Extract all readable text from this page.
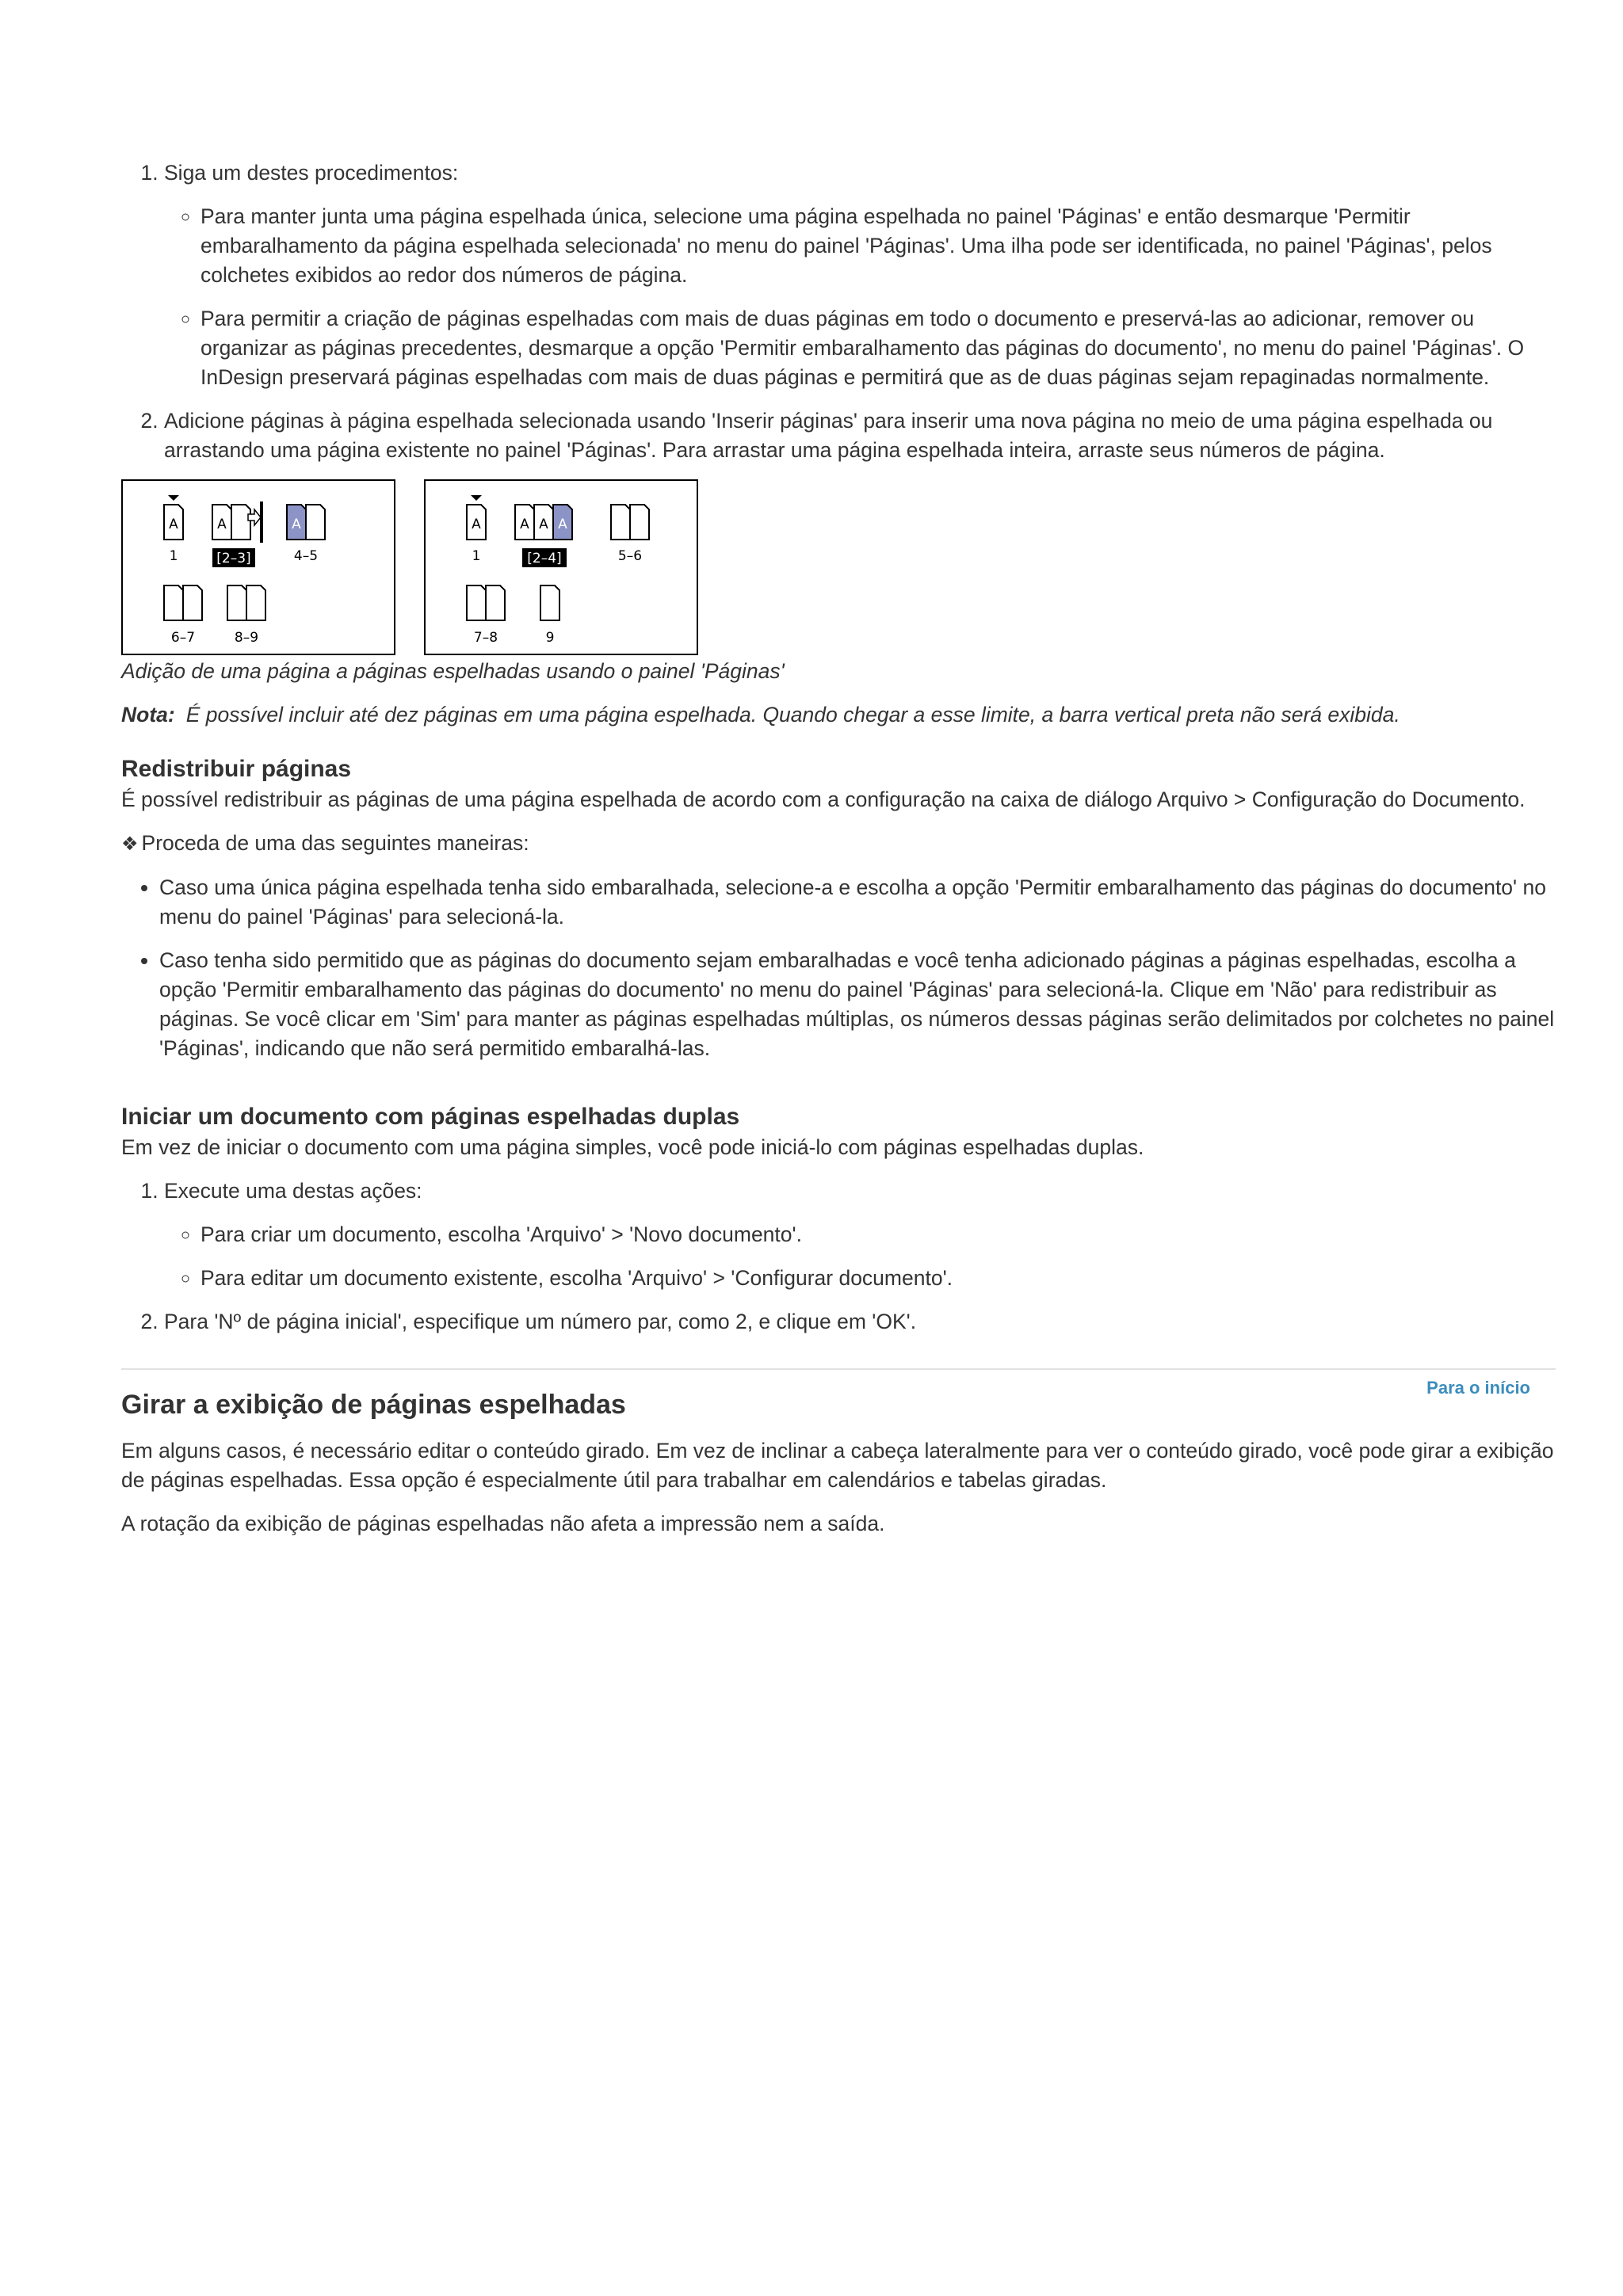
1. Siga um destes procedimentos:
◦ Para manter junta uma página espelhada única, selecione uma página espelhada no painel 'Páginas' e então desmarque 'Permitir embaralhamento da página espelhada selecionada' no menu do painel 'Páginas'. Uma ilha pode ser identificada, no painel 'Páginas', pelos colchetes exibidos ao redor dos números de página.
◦ Para permitir a criação de páginas espelhadas com mais de duas páginas em todo o documento e preservá-las ao adicionar, remover ou organizar as páginas precedentes, desmarque a opção 'Permitir embaralhamento das páginas do documento', no menu do painel 'Páginas'. O InDesign preservará páginas espelhadas com mais de duas páginas e permitirá que as de duas páginas sejam repaginadas normalmente.
2. Adicione páginas à página espelhada selecionada usando 'Inserir páginas' para inserir uma nova página no meio de uma página espelhada ou arrastando uma página existente no painel 'Páginas'. Para arrastar uma página espelhada inteira, arraste seus números de página.
A
1
A
[2–3]
A
4–5
6–7	8–9
A
1
A A A
[2–4]	5–6
7–8	9

Adição de uma página a páginas espelhadas usando o painel 'Páginas'

Nota: É possível incluir até dez páginas em uma página espelhada. Quando chegar a esse limite, a barra vertical preta não será exibida.

Redistribuir páginas

É possível redistribuir as páginas de uma página espelhada de acordo com a configuração na caixa de diálogo Arquivo > Configuração do Documento.

❖ Proceda de uma das seguintes maneiras:

• Caso uma única página espelhada tenha sido embaralhada, selecione-a e escolha a opção 'Permitir embaralhamento das páginas do documento' no menu do painel 'Páginas' para selecioná-la.
• Caso tenha sido permitido que as páginas do documento sejam embaralhadas e você tenha adicionado páginas a páginas espelhadas, escolha a opção 'Permitir embaralhamento das páginas do documento' no menu do painel 'Páginas' para selecioná-la. Clique em 'Não' para redistribuir as páginas. Se você clicar em 'Sim' para manter as páginas espelhadas múltiplas, os números dessas páginas serão delimitados por colchetes no painel 'Páginas', indicando que não será permitido embaralhá-las.
Iniciar um documento com páginas espelhadas duplas

Em vez de iniciar o documento com uma página simples, você pode iniciá-lo com páginas espelhadas duplas.

1. Execute uma destas ações:
◦ Para criar um documento, escolha 'Arquivo' > 'Novo documento'.
◦ Para editar um documento existente, escolha 'Arquivo' > 'Configurar documento'.
2. Para 'Nº de página inicial', especifique um número par, como 2, e clique em 'OK'.
Para o início
Girar a exibição de páginas espelhadas

Em alguns casos, é necessário editar o conteúdo girado. Em vez de inclinar a cabeça lateralmente para ver o conteúdo girado, você pode girar a exibição de páginas espelhadas. Essa opção é especialmente útil para trabalhar em calendários e tabelas giradas.

A rotação da exibição de páginas espelhadas não afeta a impressão nem a saída.
